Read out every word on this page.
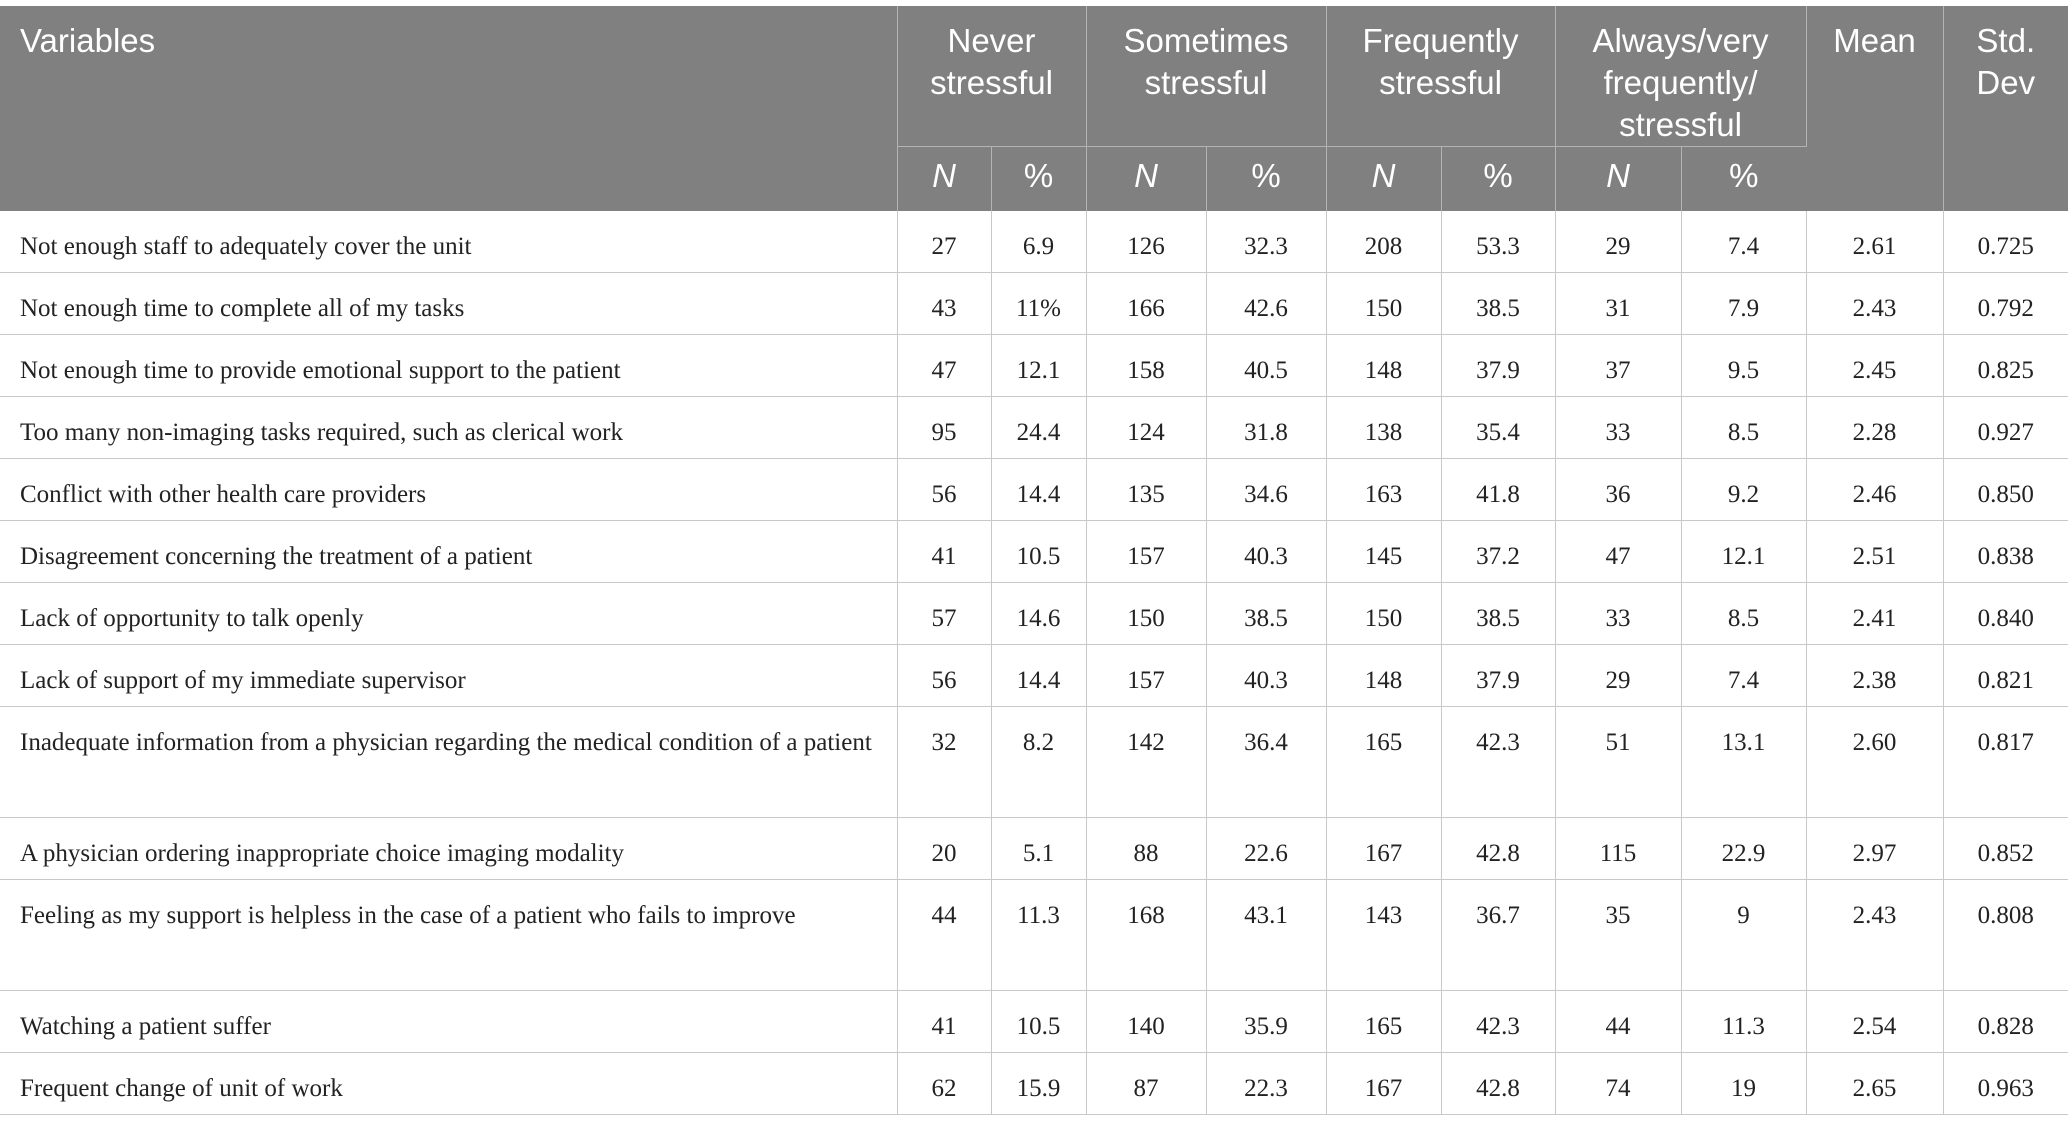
Variables	Never stressful		Sometimes stressful		Frequently stressful		Always/very frequently/ stressful		Mean	Std. Dev
	N	%	N	%	N	%	N	%		
Not enough staff to adequately cover the unit	27	6.9	126	32.3	208	53.3	29	7.4	2.61	0.725
Not enough time to complete all of my tasks	43	11%	166	42.6	150	38.5	31	7.9	2.43	0.792
Not enough time to provide emotional support to the patient	47	12.1	158	40.5	148	37.9	37	9.5	2.45	0.825
Too many non-imaging tasks required, such as clerical work	95	24.4	124	31.8	138	35.4	33	8.5	2.28	0.927
Conflict with other health care providers	56	14.4	135	34.6	163	41.8	36	9.2	2.46	0.850
Disagreement concerning the treatment of a patient	41	10.5	157	40.3	145	37.2	47	12.1	2.51	0.838
Lack of opportunity to talk openly	57	14.6	150	38.5	150	38.5	33	8.5	2.41	0.840
Lack of support of my immediate supervisor	56	14.4	157	40.3	148	37.9	29	7.4	2.38	0.821
Inadequate information from a physician regarding the medical condition of a patient	32	8.2	142	36.4	165	42.3	51	13.1	2.60	0.817
A physician ordering inappropriate choice imaging modality	20	5.1	88	22.6	167	42.8	115	22.9	2.97	0.852
Feeling as my support is helpless in the case of a patient who fails to improve	44	11.3	168	43.1	143	36.7	35	9	2.43	0.808
Watching a patient suffer	41	10.5	140	35.9	165	42.3	44	11.3	2.54	0.828
Frequent change of unit of work	62	15.9	87	22.3	167	42.8	74	19	2.65	0.963
